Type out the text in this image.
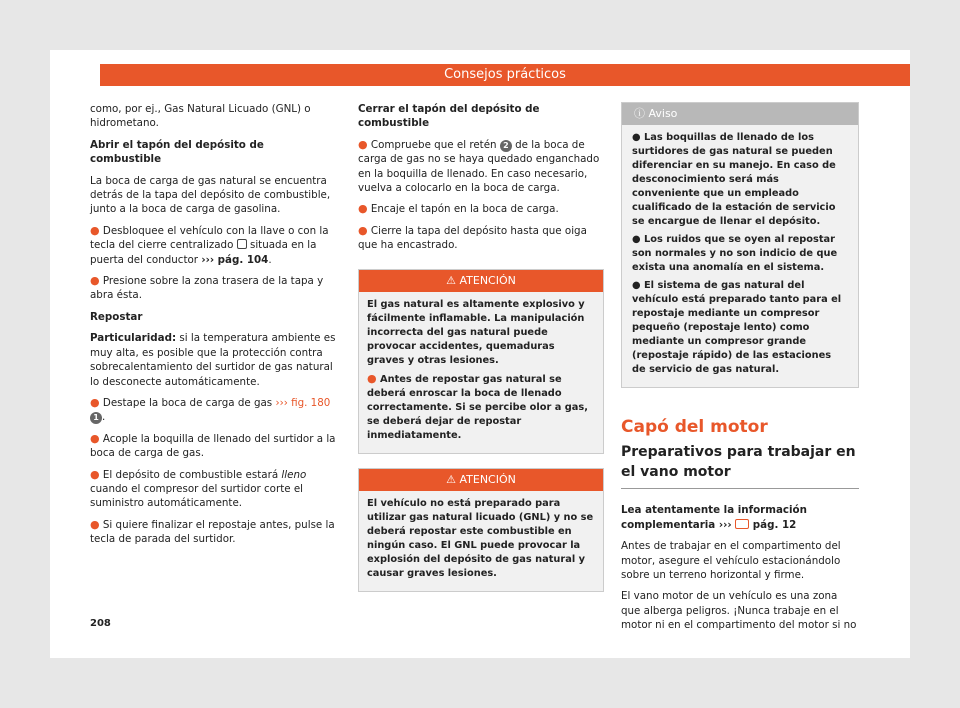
Consejos prácticos

como, por ej., Gas Natural Licuado (GNL) o hidrometano.

Abrir el tapón del depósito de combustible

La boca de carga de gas natural se encuentra detrás de la tapa del depósito de combustible, junto a la boca de carga de gasolina.

● Desbloquee el vehículo con la llave o con la tecla del cierre centralizado situada en la puerta del conductor ››› pág. 104.

● Presione sobre la zona trasera de la tapa y abra ésta.

Repostar

Particularidad: si la temperatura ambiente es muy alta, es posible que la protección contra sobrecalentamiento del surtidor de gas natural lo desconecte automáticamente.

● Destape la boca de carga de gas ››› fig. 180 1 .

● Acople la boquilla de llenado del surtidor a la boca de carga de gas.

● El depósito de combustible estará lleno cuando el compresor del surtidor corte el suministro automáticamente.

● Si quiere finalizar el repostaje antes, pulse la tecla de parada del surtidor.

Cerrar el tapón del depósito de combustible

● Compruebe que el retén 2 de la boca de carga de gas no se haya quedado enganchado en la boquilla de llenado. En caso necesario, vuelva a colocarlo en la boca de carga.

● Encaje el tapón en la boca de carga.

● Cierre la tapa del depósito hasta que oiga que ha encastrado.

⚠ ATENCIÓN

El gas natural es altamente explosivo y fácilmente inflamable. La manipulación incorrecta del gas natural puede provocar accidentes, quemaduras graves y otras lesiones.

● Antes de repostar gas natural se deberá enroscar la boca de llenado correctamente. Si se percibe olor a gas, se deberá dejar de repostar inmediatamente.

⚠ ATENCIÓN

El vehículo no está preparado para utilizar gas natural licuado (GNL) y no se deberá repostar este combustible en ningún caso. El GNL puede provocar la explosión del depósito de gas natural y causar graves lesiones.

ⓘ Aviso

● Las boquillas de llenado de los surtidores de gas natural se pueden diferenciar en su manejo. En caso de desconocimiento será más conveniente que un empleado cualificado de la estación de servicio se encargue de llenar el depósito.

● Los ruidos que se oyen al repostar son normales y no son indicio de que exista una anomalía en el sistema.

● El sistema de gas natural del vehículo está preparado tanto para el repostaje mediante un compresor pequeño (repostaje lento) como mediante un compresor grande (repostaje rápido) de las estaciones de servicio de gas natural.

Capó del motor
Preparativos para trabajar en el vano motor

Lea atentamente la información complementaria ››› pág. 12

Antes de trabajar en el compartimento del motor, asegure el vehículo estacionándolo sobre un terreno horizontal y firme.

El vano motor de un vehículo es una zona que alberga peligros. ¡Nunca trabaje en el motor ni en el compartimento del motor si no

208
